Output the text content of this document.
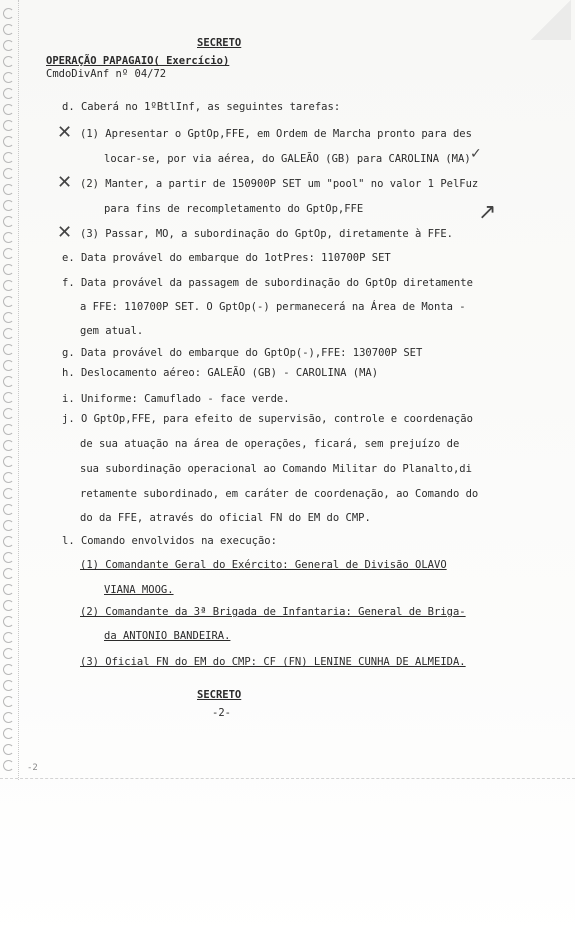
SECRETO
OPERAÇÃO PAPAGAIO( Exercício)
CmdoDivAnf nº 04/72
d. Caberá no 1ºBtlInf, as seguintes tarefas:
✕ (1) Apresentar o GptOp,FFE, em Ordem de Marcha pronto para des
locar-se, por via aérea, do GALEÃO (GB) para CAROLINA (MA) ✓
✕ (2) Manter, a partir de 150900P SET um "pool" no valor 1 PelFuz
para fins de recompletamento do GptOp,FFE
✕ (3) Passar, MO, a subordinação do GptOp, diretamente à FFE.
↗
e. Data provável do embarque do 1otPres: 110700P SET
f. Data provável da passagem de subordinação do GptOp diretamente
a FFE: 110700P SET. O GptOp(-) permanecerá na Área de Monta -
gem atual.
g. Data provável do embarque do GptOp(-),FFE: 130700P SET
h. Deslocamento aéreo: GALEÃO (GB) - CAROLINA (MA)
i. Uniforme: Camuflado - face verde.
j. O GptOp,FFE, para efeito de supervisão, controle e coordenação
de sua atuação na área de operações, ficará, sem prejuízo de
sua subordinação operacional ao Comando Militar do Planalto,di
retamente subordinado, em caráter de coordenação, ao Comando do
do da FFE, através do oficial FN do EM do CMP.
l. Comando envolvidos na execução:
(1) Comandante Geral do Exército: General de Divisão OLAVO
VIANA MOOG.
(2) Comandante da 3ª Brigada de Infantaria: General de Briga-
da ANTONIO BANDEIRA.
(3) Oficial FN do EM do CMP: CF (FN) LENINE CUNHA DE ALMEIDA.
SECRETO
-2-
-2
